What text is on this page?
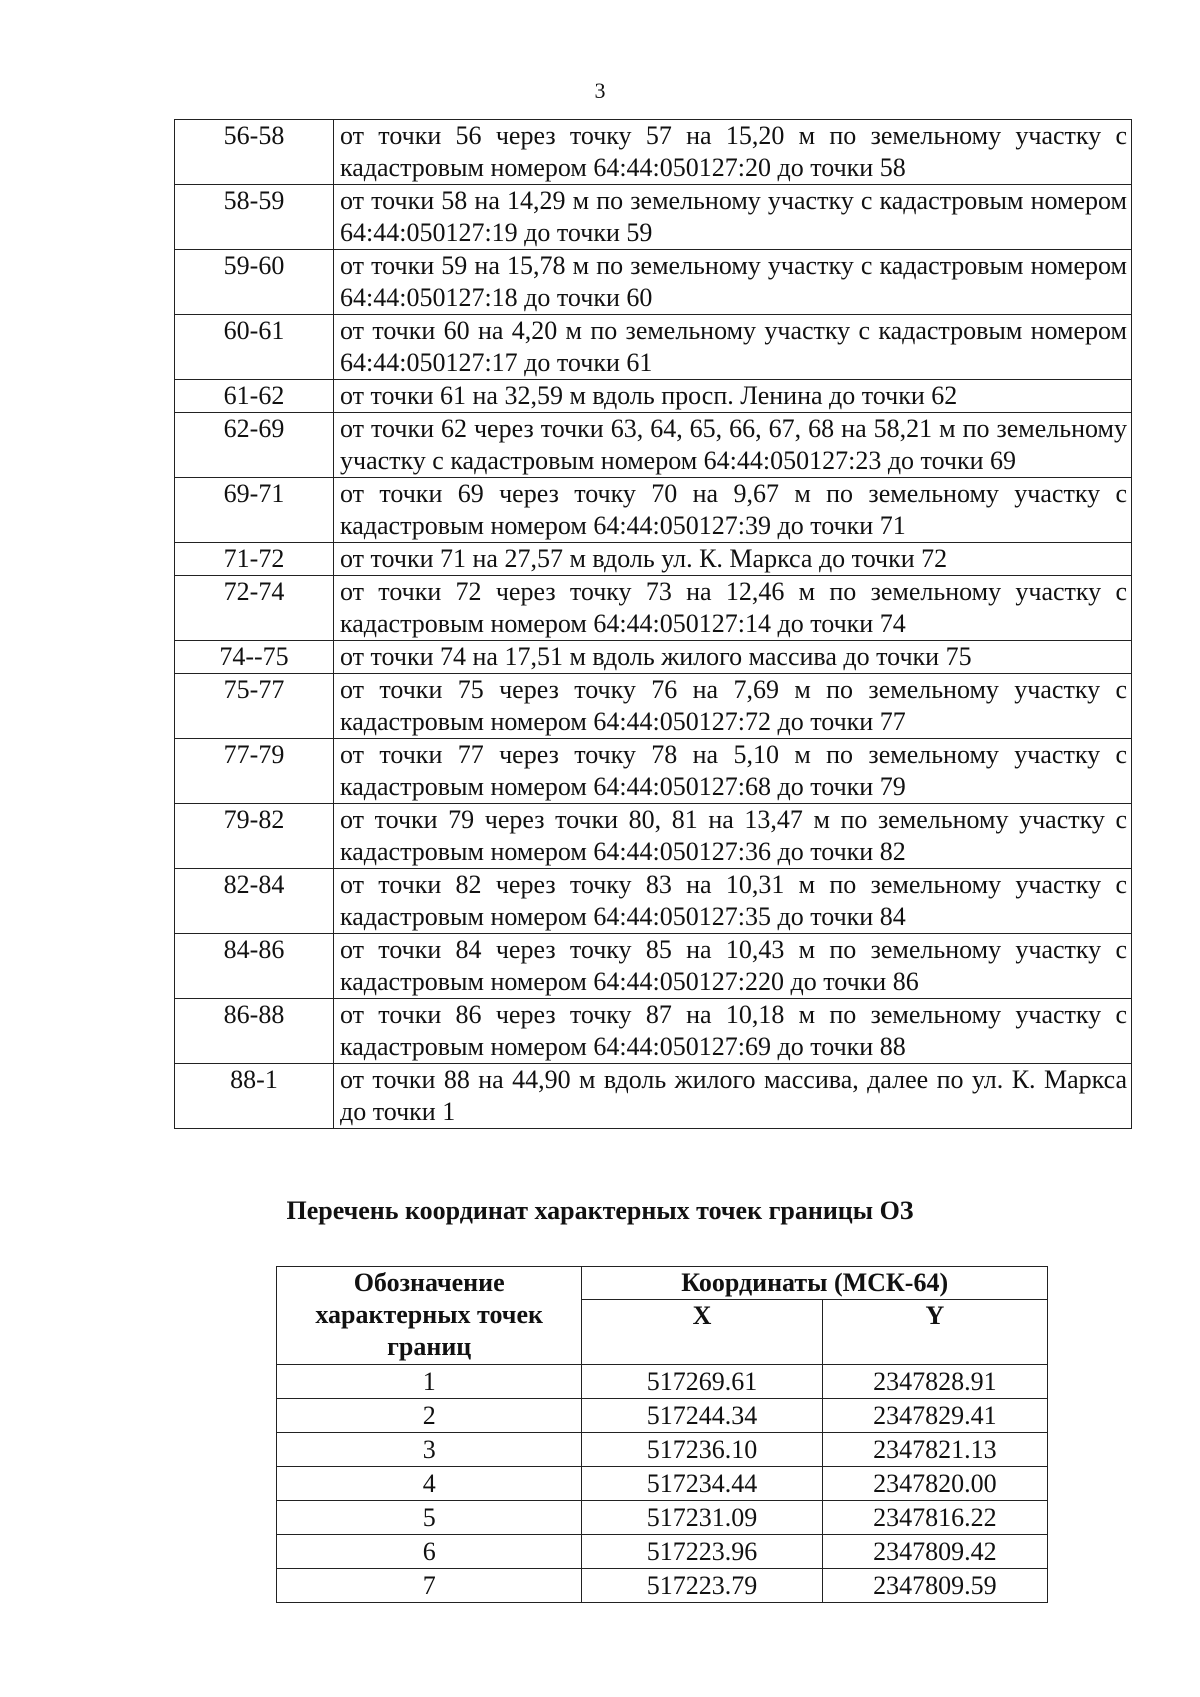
3
56-58	от точки 56 через точку 57 на 15,20 м по земельному участку с кадастровым номером 64:44:050127:20 до точки 58
58-59	от точки 58 на 14,29 м по земельному участку с кадастровым номером 64:44:050127:19 до точки 59
59-60	от точки 59 на 15,78 м по земельному участку с кадастровым номером 64:44:050127:18 до точки 60
60-61	от точки 60 на 4,20 м по земельному участку с кадастровым номером 64:44:050127:17 до точки 61
61-62	от точки 61 на 32,59 м вдоль просп. Ленина до точки 62
62-69	от точки 62 через точки 63, 64, 65, 66, 67, 68 на 58,21 м по земельному участку с кадастровым номером 64:44:050127:23 до точки 69
69-71	от точки 69 через точку 70 на 9,67 м по земельному участку с кадастровым номером 64:44:050127:39 до точки 71
71-72	от точки 71 на 27,57 м вдоль ул. К. Маркса до точки 72
72-74	от точки 72 через точку 73 на 12,46 м по земельному участку с кадастровым номером 64:44:050127:14 до точки 74
74--75	от точки 74 на 17,51 м вдоль жилого массива до точки 75
75-77	от точки 75 через точку 76 на 7,69 м по земельному участку с кадастровым номером 64:44:050127:72 до точки 77
77-79	от точки 77 через точку 78 на 5,10 м по земельному участку с кадастровым номером 64:44:050127:68 до точки 79
79-82	от точки 79 через точки 80, 81 на 13,47 м по земельному участку с кадастровым номером 64:44:050127:36 до точки 82
82-84	от точки 82 через точку 83 на 10,31 м по земельному участку с кадастровым номером 64:44:050127:35 до точки 84
84-86	от точки 84 через точку 85 на 10,43 м по земельному участку с кадастровым номером 64:44:050127:220 до точки 86
86-88	от точки 86 через точку 87 на 10,18 м по земельному участку с кадастровым номером 64:44:050127:69 до точки 88
88-1	от точки 88 на 44,90 м вдоль жилого массива, далее по ул. К. Маркса до точки 1
Перечень координат характерных точек границы ОЗ
Обозначение характерных точек границ	Координаты (МСК-64)	
	X	Y
1	517269.61	2347828.91
2	517244.34	2347829.41
3	517236.10	2347821.13
4	517234.44	2347820.00
5	517231.09	2347816.22
6	517223.96	2347809.42
7	517223.79	2347809.59
